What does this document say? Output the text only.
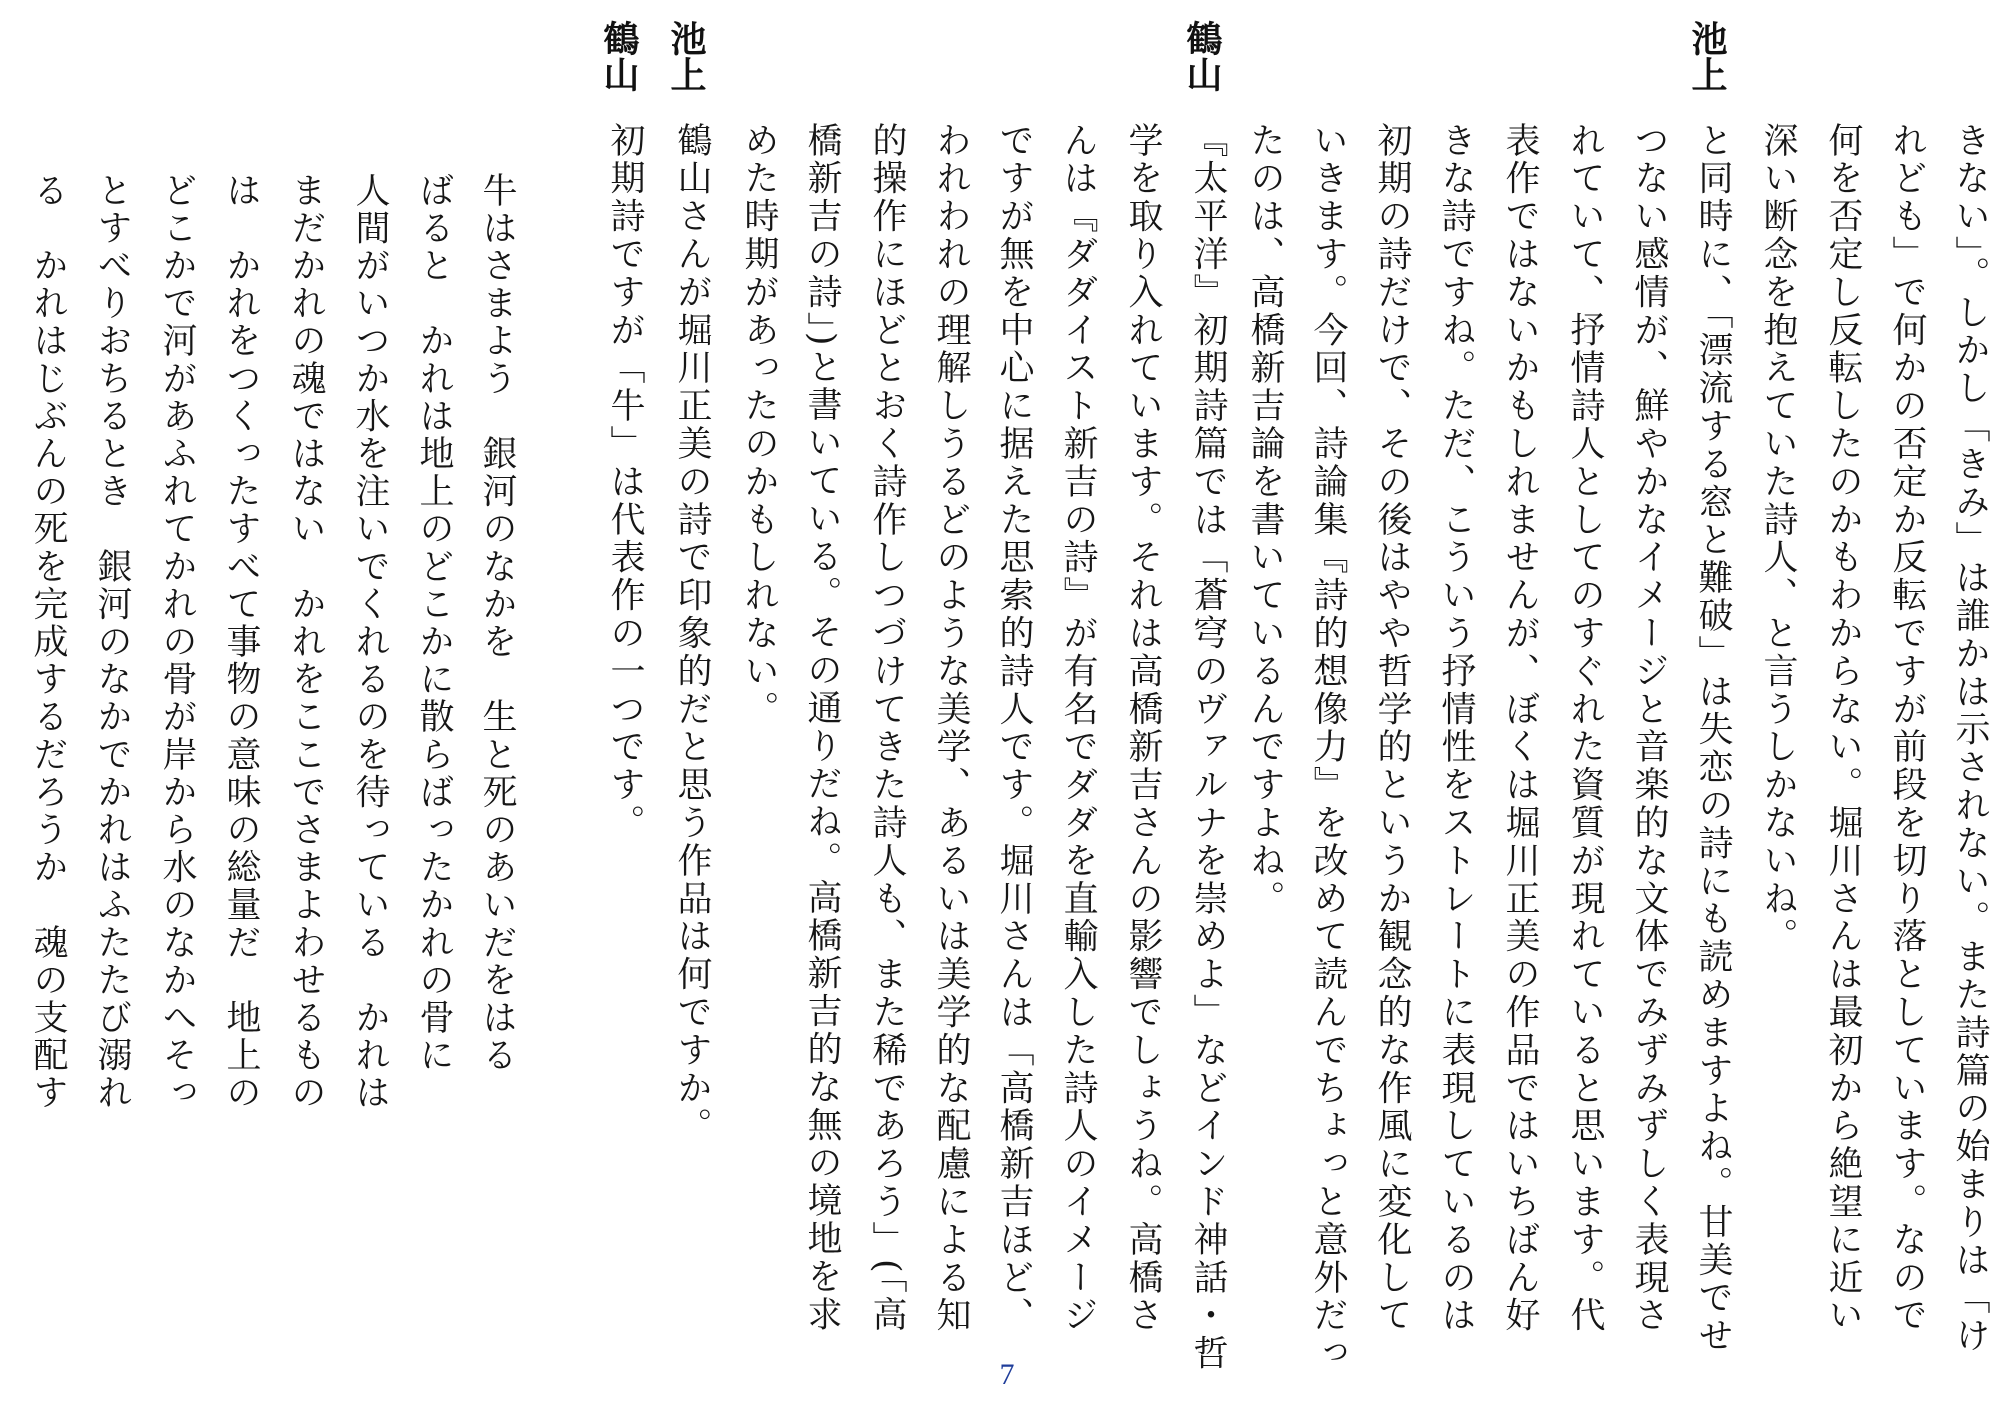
池上
鶴山
池上
鶴山
きない」。しかし「きみ」は誰かは示されない。また詩篇の始まりは「け
れども」で何かの否定か反転ですが前段を切り落としています。なので
何を否定し反転したのかもわからない。堀川さんは最初から絶望に近い
深い断念を抱えていた詩人、と言うしかないね。
と同時に、「漂流する窓と難破」は失恋の詩にも読めますよね。甘美でせ
つない感情が、鮮やかなイメージと音楽的な文体でみずみずしく表現さ
れていて、抒情詩人としてのすぐれた資質が現れていると思います。代
表作ではないかもしれませんが、ぼくは堀川正美の作品ではいちばん好
きな詩ですね。ただ、こういう抒情性をストレートに表現しているのは
初期の詩だけで、その後はやや哲学的というか観念的な作風に変化して
いきます。今回、詩論集『詩的想像力』を改めて読んでちょっと意外だっ
たのは、高橋新吉論を書いているんですよね。
『太平洋』初期詩篇では「蒼穹のヴァルナを崇めよ」などインド神話・哲
学を取り入れています。それは高橋新吉さんの影響でしょうね。高橋さ
んは『ダダイスト新吉の詩』が有名でダダを直輸入した詩人のイメージ
ですが無を中心に据えた思索的詩人です。堀川さんは「高橋新吉ほど、
われわれの理解しうるどのような美学、あるいは美学的な配慮による知
的操作にほどとおく詩作しつづけてきた詩人も、また稀であろう」(「高
橋新吉の詩」)と書いている。その通りだね。高橋新吉的な無の境地を求
めた時期があったのかもしれない。
鶴山さんが堀川正美の詩で印象的だと思う作品は何ですか。
初期詩ですが「牛」は代表作の一つです。
牛はさまよう　銀河のなかを　生と死のあいだをはる
ばると　かれは地上のどこかに散らばったかれの骨に
人間がいつか水を注いでくれるのを待っている　かれは
まだかれの魂ではない　かれをここでさまよわせるもの
は　かれをつくったすべて事物の意味の総量だ　地上の
どこかで河があふれてかれの骨が岸から水のなかへそっ
とすべりおちるとき　銀河のなかでかれはふたたび溺れ
る　かれはじぶんの死を完成するだろうか　魂の支配す
7
